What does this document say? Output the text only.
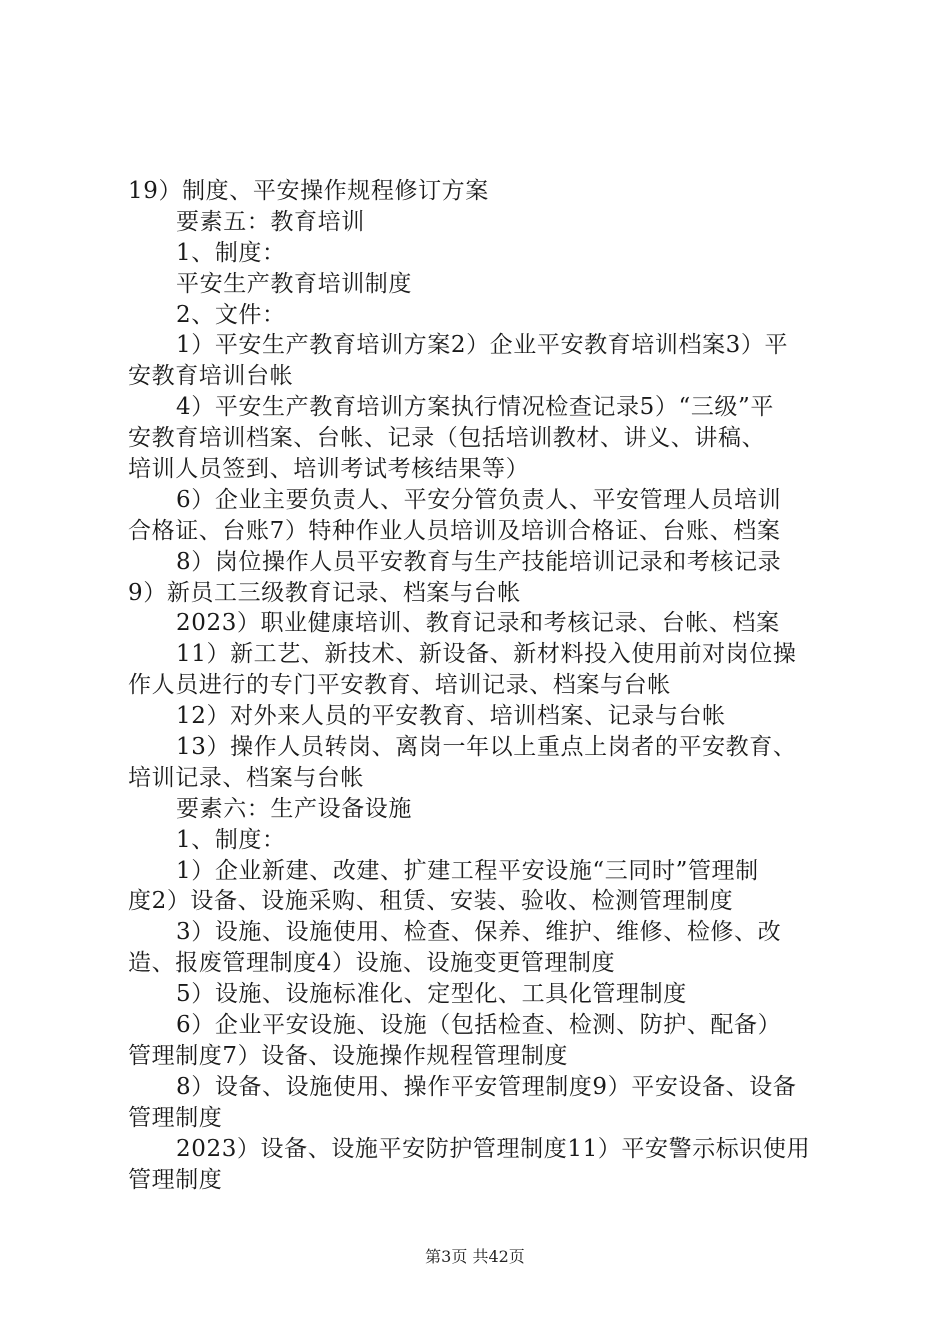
19）制度、平安操作规程修订方案
要素五：教育培训
1、制度：
平安生产教育培训制度
2、文件：
1）平安生产教育培训方案2）企业平安教育培训档案3）平
安教育培训台帐
4）平安生产教育培训方案执行情况检查记录5）“三级”平
安教育培训档案、台帐、记录（包括培训教材、讲义、讲稿、
培训人员签到、培训考试考核结果等）
6）企业主要负责人、平安分管负责人、平安管理人员培训
合格证、台账7）特种作业人员培训及培训合格证、台账、档案
8）岗位操作人员平安教育与生产技能培训记录和考核记录
9）新员工三级教育记录、档案与台帐
2023）职业健康培训、教育记录和考核记录、台帐、档案
11）新工艺、新技术、新设备、新材料投入使用前对岗位操
作人员进行的专门平安教育、培训记录、档案与台帐
12）对外来人员的平安教育、培训档案、记录与台帐
13）操作人员转岗、离岗一年以上重点上岗者的平安教育、
培训记录、档案与台帐
要素六：生产设备设施
1、制度：
1）企业新建、改建、扩建工程平安设施“三同时”管理制
度2）设备、设施采购、租赁、安装、验收、检测管理制度
3）设施、设施使用、检查、保养、维护、维修、检修、改
造、报废管理制度4）设施、设施变更管理制度
5）设施、设施标准化、定型化、工具化管理制度
6）企业平安设施、设施（包括检查、检测、防护、配备）
管理制度7）设备、设施操作规程管理制度
8）设备、设施使用、操作平安管理制度9）平安设备、设备
管理制度
2023）设备、设施平安防护管理制度11）平安警示标识使用
管理制度
第3页 共42页
